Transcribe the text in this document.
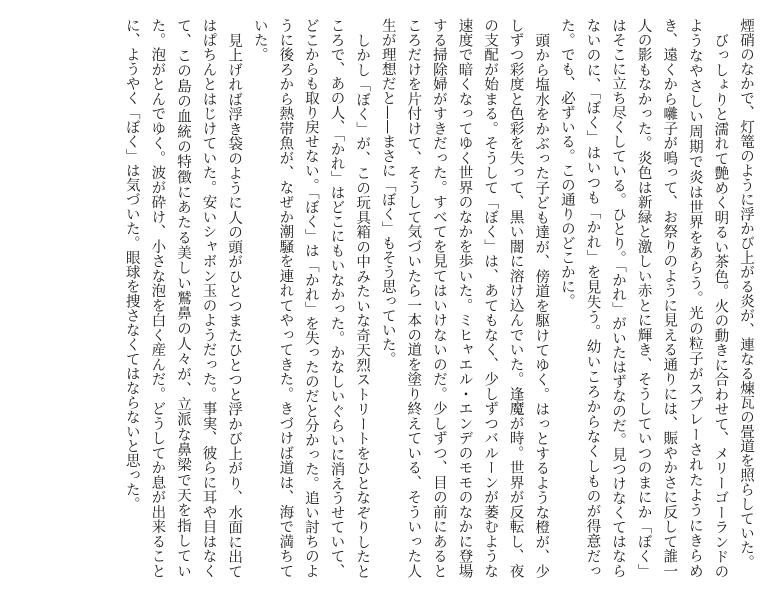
煙硝のなかで、灯篭のように浮かび上がる炎が、連なる煉瓦の畳道を照らしていた。

びっしょりと濡れて艶めく明るい茶色。火の動きに合わせて、メリーゴーランドのようなやさしい周期で炎は世界をあらう。光の粒子がスプレーされたようにきらめき、遠くから囃子が鳴って、お祭りのように見える通りには、賑やかさに反して誰一人の影もなかった。炎色は新緑と激しい赤とに輝き、そうしていつのまにか「ぼく」はそこに立ち尽くしている。ひとり。「かれ」がいたはずなのだ。見つけなくてはならないのに、「ぼく」はいつも「かれ」を見失う。幼いころからなくしものが得意だった。でも、必ずいる。この通りのどこかに。

頭から塩水をかぶった子ども達が、傍道を駆けてゆく。はっとするような橙が、少しずつ彩度と色彩を失って、黒い闇に溶け込んでいた。逢魔が時。世界が反転し、夜の支配が始まる。そうして「ぼく」は、あてもなく、少しずつバルーンが萎むような速度で暗くなってゆく世界のなかを歩いた。ミヒャエル・エンデのモモのなかに登場する掃除婦がすきだった。すべてを見てはいけないのだ。少しずつ、目の前にあるところだけを片付けて、そうして気づいたら一本の道を塗り終えている、そういった人生が理想だと——まさに「ぼく」もそう思っていた。

しかし「ぼく」が、この玩具箱の中みたいな奇天烈ストリートをひとなぞりしたところで、あの人、「かれ」はどこにもいなかった。かなしいぐらいに消えうせていて、どこからも取り戻せない。「ぼく」は「かれ」を失ったのだと分かった。追い討ちのように後ろから熱帯魚が、なぜか潮騒を連れてやってきた。きづけば道は、海で満ちていた。

見上げれば浮き袋のように人の頭がひとつまたひとつと浮かび上がり、水面に出てはぱちんとはじけていた。安いシャボン玉のようだった。事実、彼らに耳や目はなくて、この島の血統の特徴にあたる美しい鷲鼻の人々が、立派な鼻梁で天を指していた。泡がとんでゆく。波が砕け、小さな泡を白く産んだ。どうしてか息が出来ることに、ようやく「ぼく」は気づいた。眼球を捜さなくてはならないと思った。
